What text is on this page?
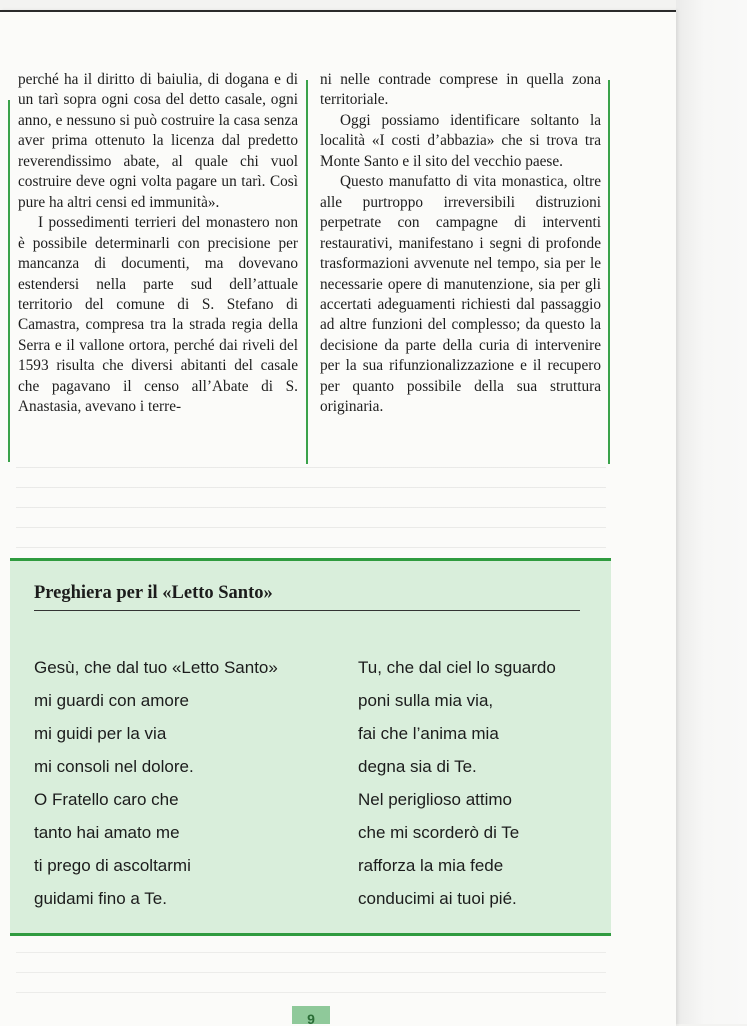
perché ha il diritto di baiulia, di dogana e di un tarì sopra ogni cosa del detto casale, ogni anno, e nessuno si può costruire la casa senza aver prima ottenuto la licenza dal predetto reverendissimo abate, al quale chi vuol costruire deve ogni volta pagare un tarì. Così pure ha altri censi ed immunità».

I possedimenti terrieri del monastero non è possibile determinarli con precisione per mancanza di documenti, ma dovevano estendersi nella parte sud dell’attuale territorio del comune di S. Stefano di Camastra, compresa tra la strada regia della Serra e il vallone ortora, perché dai riveli del 1593 risulta che diversi abitanti del casale che pagavano il censo all’Abate di S. Anastasia, avevano i terre-

ni nelle contrade comprese in quella zona territoriale.

Oggi possiamo identificare soltanto la località «I costi d’abbazia» che si trova tra Monte Santo e il sito del vecchio paese.

Questo manufatto di vita monastica, oltre alle purtroppo irreversibili distruzioni perpetrate con campagne di interventi restaurativi, manifestano i segni di profonde trasformazioni avvenute nel tempo, sia per le necessarie opere di manutenzione, sia per gli accertati adeguamenti richiesti dal passaggio ad altre funzioni del complesso; da questo la decisione da parte della curia di intervenire per la sua rifunzionalizzazione e il recupero per quanto possibile della sua struttura originaria.

Preghiera per il «Letto Santo»
Gesù, che dal tuo «Letto Santo»
mi guardi con amore
mi guidi per la via
mi consoli nel dolore.
O Fratello caro che
tanto hai amato me
ti prego di ascoltarmi
guidami fino a Te.
Tu, che dal ciel lo sguardo
poni sulla mia via,
fai che l’anima mia
degna sia di Te.
Nel periglioso attimo
che mi scorderò di Te
rafforza la mia fede
conducimi ai tuoi pié.
9
